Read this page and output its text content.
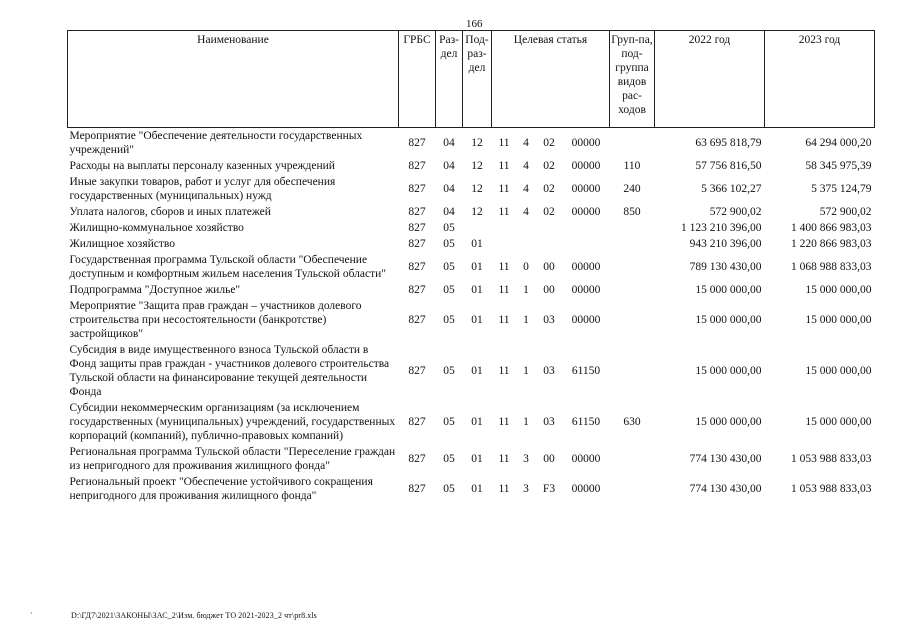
166
Наименование	ГРБС	Раз-дел	Под-раз-дел	Целевая статья				Груп-па, под-группа видов рас-ходов	2022 год	2023 год
Мероприятие "Обеспечение деятельности государственных учреждений"	827	04	12	11	4	02	00000		63 695 818,79	64 294 000,20
Расходы на выплаты персоналу казенных учреждений	827	04	12	11	4	02	00000	110	57 756 816,50	58 345 975,39
Иные закупки товаров, работ и услуг для обеспечения государственных (муниципальных) нужд	827	04	12	11	4	02	00000	240	5 366 102,27	5 375 124,79
Уплата налогов, сборов и иных платежей	827	04	12	11	4	02	00000	850	572 900,02	572 900,02
Жилищно-коммунальное хозяйство	827	05							1 123 210 396,00	1 400 866 983,03
Жилищное хозяйство	827	05	01						943 210 396,00	1 220 866 983,03
Государственная программа Тульской области "Обеспечение доступным и комфортным жильем населения Тульской области"	827	05	01	11	0	00	00000		789 130 430,00	1 068 988 833,03
Подпрограмма "Доступное жилье"	827	05	01	11	1	00	00000		15 000 000,00	15 000 000,00
Мероприятие "Защита прав граждан – участников долевого строительства при несостоятельности (банкротстве) застройщиков"	827	05	01	11	1	03	00000		15 000 000,00	15 000 000,00
Субсидия в виде имущественного взноса Тульской области в Фонд защиты прав граждан - участников долевого строительства Тульской области на финансирование текущей деятельности Фонда	827	05	01	11	1	03	61150		15 000 000,00	15 000 000,00
Субсидии некоммерческим организациям (за исключением государственных (муниципальных) учреждений, государственных корпораций (компаний), публично-правовых компаний)	827	05	01	11	1	03	61150	630	15 000 000,00	15 000 000,00
Региональная программа Тульской области "Переселение граждан из непригодного для проживания жилищного фонда"	827	05	01	11	3	00	00000		774 130 430,00	1 053 988 833,03
Региональный проект "Обеспечение устойчивого сокращения непригодного для проживания жилищного фонда"	827	05	01	11	3	F3	00000		774 130 430,00	1 053 988 833,03
·	D:\ГД7\2021\ЗАКОНЫ\ЗАС_2\Изм. бюджет ТО 2021-2023_2 чт\pr8.xls
